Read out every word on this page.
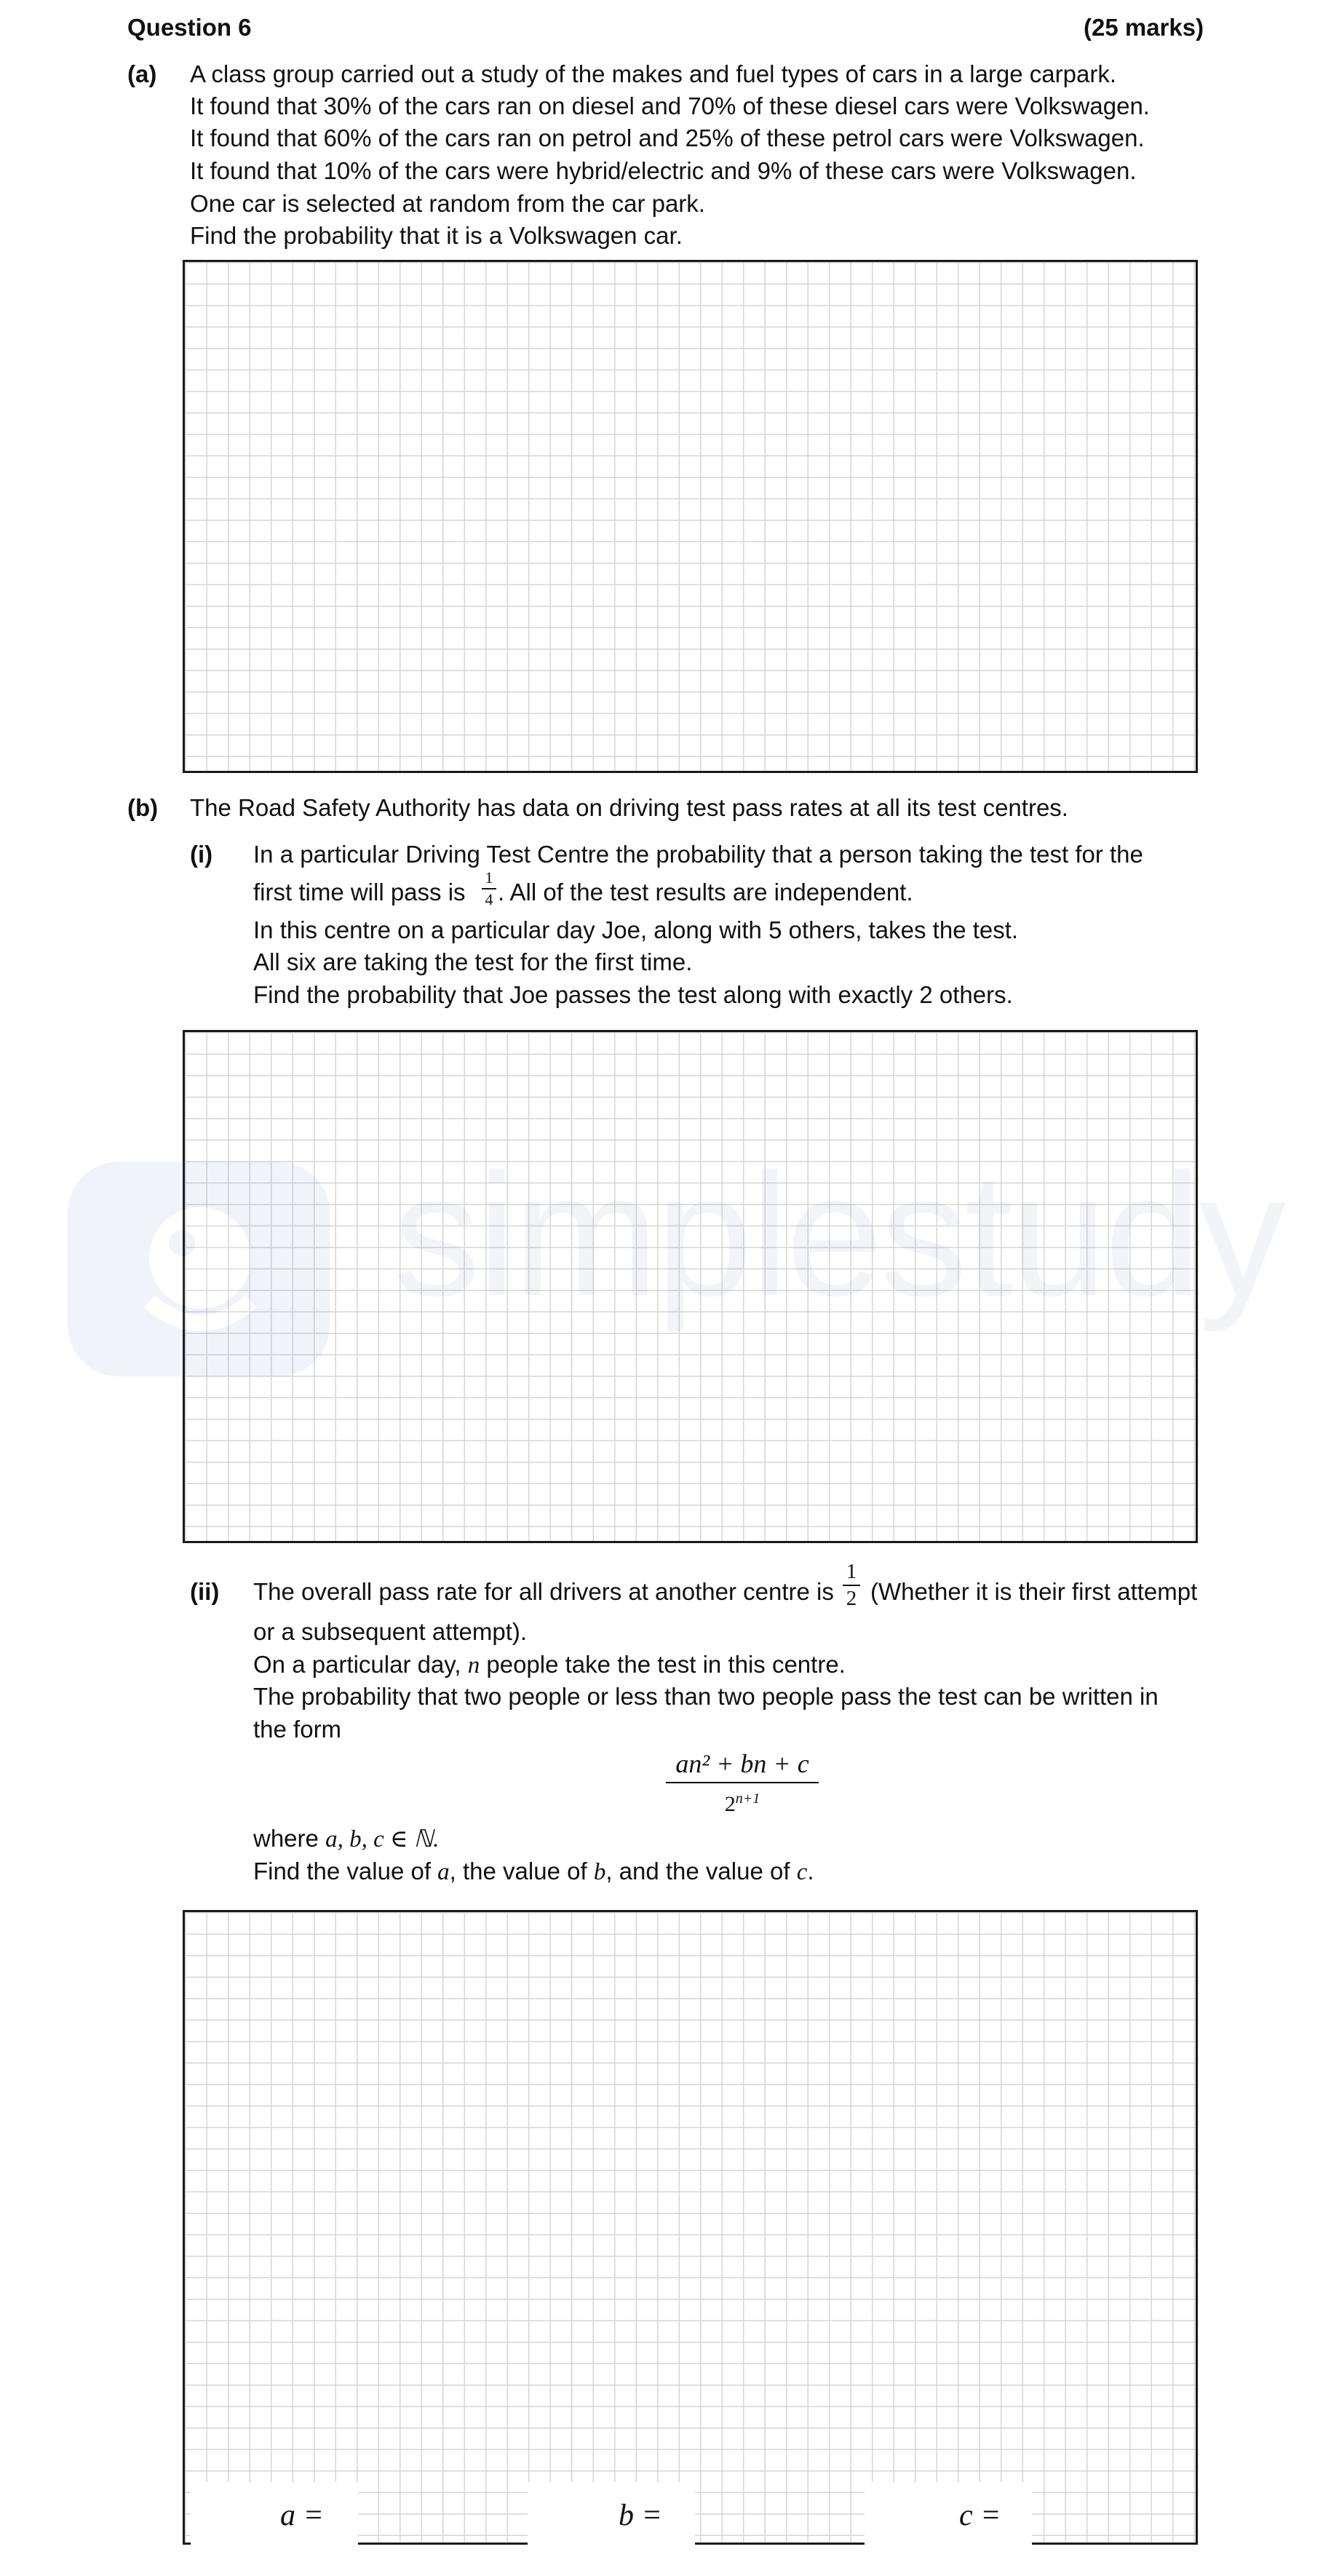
Question 6	(25 marks)
(a) A class group carried out a study of the makes and fuel types of cars in a large carpark.
It found that 30% of the cars ran on diesel and 70% of these diesel cars were Volkswagen.
It found that 60% of the cars ran on petrol and 25% of these petrol cars were Volkswagen.
It found that 10% of the cars were hybrid/electric and 9% of these cars were Volkswagen.
One car is selected at random from the car park.
Find the probability that it is a Volkswagen car.
(b) The Road Safety Authority has data on driving test pass rates at all its test centres.
(i) In a particular Driving Test Centre the probability that a person taking the test for the
first time will pass is
1
4 . All of the test results are independent.
In this centre on a particular day Joe, along with 5 others, takes the test.
All six are taking the test for the first time.
Find the probability that Joe passes the test along with exactly 2 others.
(ii) The overall pass rate for all drivers at another centre is
1
2 (Whether it is their first attempt
or a subsequent attempt).
On a particular day, n people take the test in this centre.
The probability that two people or less than two people pass the test can be written in
the form
an² + bn + c
$2^{n+1}$
where a, b, c ∈ ℕ.
Find the value of a, the value of b, and the value of c.
a =	b =	c =
